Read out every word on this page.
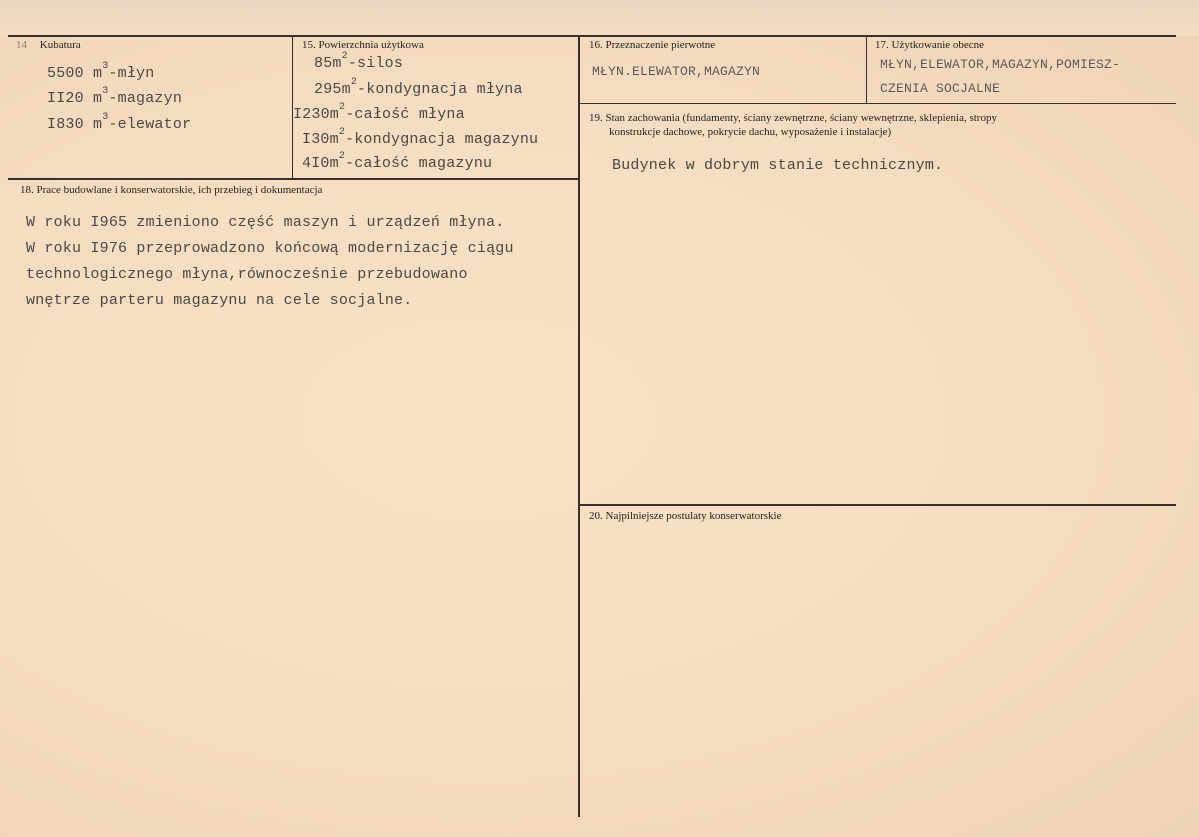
14 Kubatura
5500 $m^3$-młyn
II20 $m^3$-magazyn
I830 $m^3$-elewator
15. Powierzchnia użytkowa
$85m^2$-silos
$295m^2$-kondygnacja młyna
$I230m^2$-całość młyna
$I30m^2$-kondygnacja magazynu
$4I0m^2$-całość magazynu
16. Przeznaczenie pierwotne
MŁYN.ELEWATOR,MAGAZYN
17. Użytkowanie obecne
MŁYN,ELEWATOR,MAGAZYN,POMIESZ-
CZENIA SOCJALNE
18. Prace budowlane i konserwatorskie, ich przebieg i dokumentacja
W roku I965 zmieniono część maszyn i urządzeń młyna.
W roku I976 przeprowadzono końcową modernizację ciągu
technologicznego młyna,równocześnie przebudowano
wnętrze parteru magazynu na cele socjalne.
19. Stan zachowania (fundamenty, ściany zewnętrzne, ściany wewnętrzne, sklepienia, stropy
konstrukcje dachowe, pokrycie dachu, wyposażenie i instalacje)
Budynek w dobrym stanie technicznym.
20. Najpilniejsze postulaty konserwatorskie
